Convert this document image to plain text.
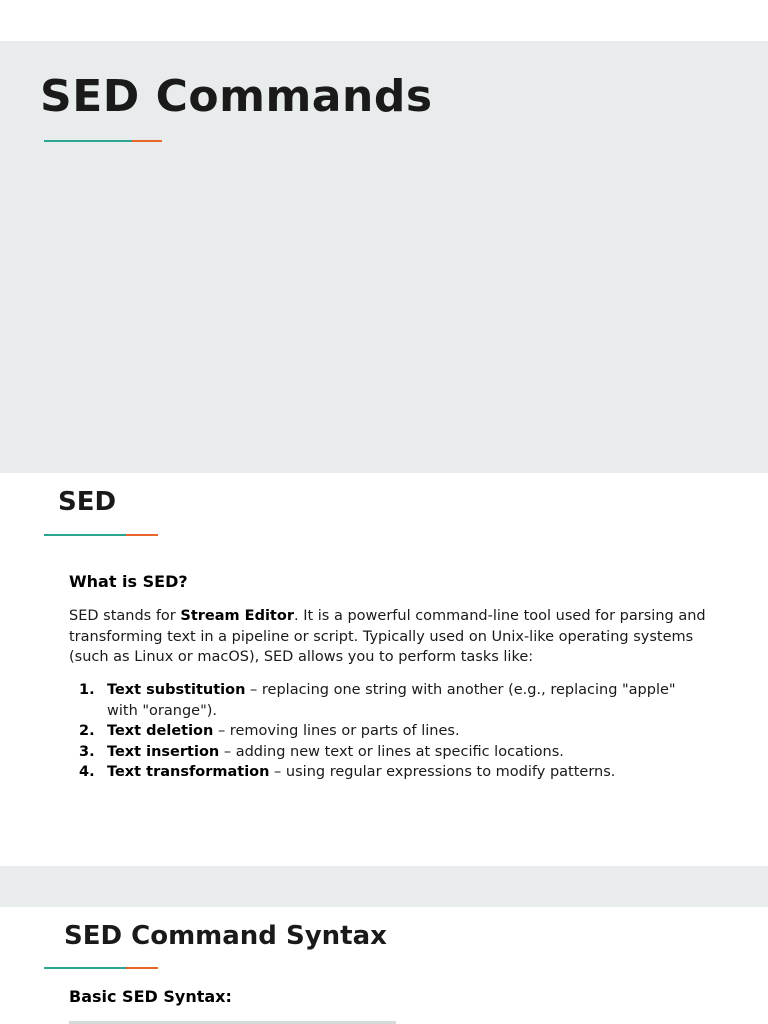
SED Commands
SED
What is SED?

SED stands for Stream Editor. It is a powerful command-line tool used for parsing and transforming text in a pipeline or script. Typically used on Unix-like operating systems (such as Linux or macOS), SED allows you to perform tasks like:

1. Text substitution – replacing one string with another (e.g., replacing "apple" with "orange").
2. Text deletion – removing lines or parts of lines.
3. Text insertion – adding new text or lines at specific locations.
4. Text transformation – using regular expressions to modify patterns.
SED Command Syntax
Basic SED Syntax:
